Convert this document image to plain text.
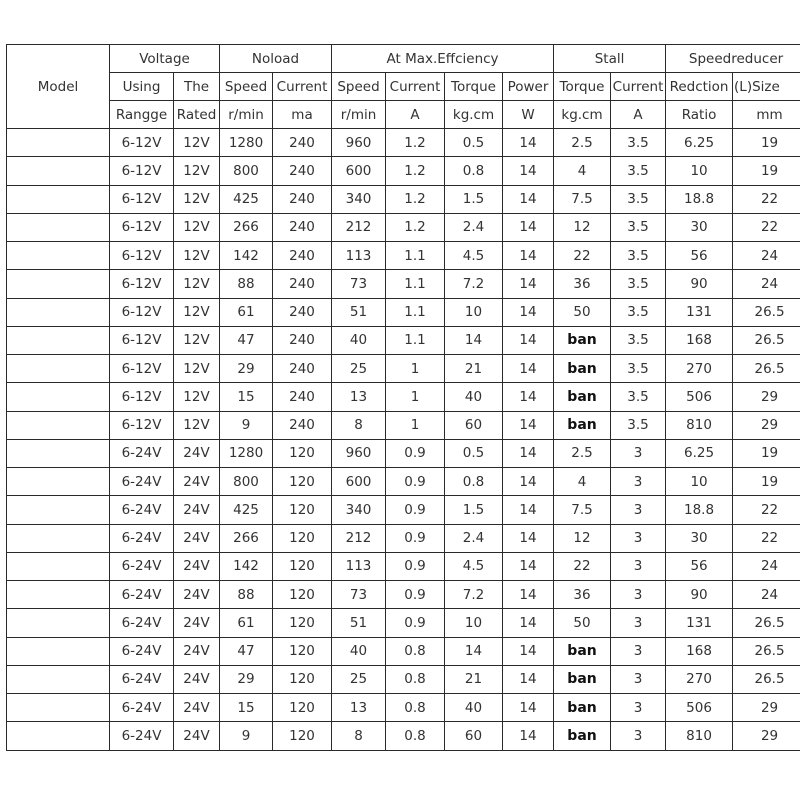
Model	Voltage		Noload		At Max.Effciency				Stall		Speedreducer	
	Using	The	Speed	Current	Speed	Current	Torque	Power	Torque	Current	Redction	(L)Size
	Rangge	Rated	r/min	ma	r/min	A	kg.cm	W	kg.cm	A	Ratio	mm
	6-12V	12V	1280	240	960	1.2	0.5	14	2.5	3.5	6.25	19
	6-12V	12V	800	240	600	1.2	0.8	14	4	3.5	10	19
	6-12V	12V	425	240	340	1.2	1.5	14	7.5	3.5	18.8	22
	6-12V	12V	266	240	212	1.2	2.4	14	12	3.5	30	22
	6-12V	12V	142	240	113	1.1	4.5	14	22	3.5	56	24
	6-12V	12V	88	240	73	1.1	7.2	14	36	3.5	90	24
	6-12V	12V	61	240	51	1.1	10	14	50	3.5	131	26.5
	6-12V	12V	47	240	40	1.1	14	14	ban	3.5	168	26.5
	6-12V	12V	29	240	25	1	21	14	ban	3.5	270	26.5
	6-12V	12V	15	240	13	1	40	14	ban	3.5	506	29
	6-12V	12V	9	240	8	1	60	14	ban	3.5	810	29
	6-24V	24V	1280	120	960	0.9	0.5	14	2.5	3	6.25	19
	6-24V	24V	800	120	600	0.9	0.8	14	4	3	10	19
	6-24V	24V	425	120	340	0.9	1.5	14	7.5	3	18.8	22
	6-24V	24V	266	120	212	0.9	2.4	14	12	3	30	22
	6-24V	24V	142	120	113	0.9	4.5	14	22	3	56	24
	6-24V	24V	88	120	73	0.9	7.2	14	36	3	90	24
	6-24V	24V	61	120	51	0.9	10	14	50	3	131	26.5
	6-24V	24V	47	120	40	0.8	14	14	ban	3	168	26.5
	6-24V	24V	29	120	25	0.8	21	14	ban	3	270	26.5
	6-24V	24V	15	120	13	0.8	40	14	ban	3	506	29
	6-24V	24V	9	120	8	0.8	60	14	ban	3	810	29
